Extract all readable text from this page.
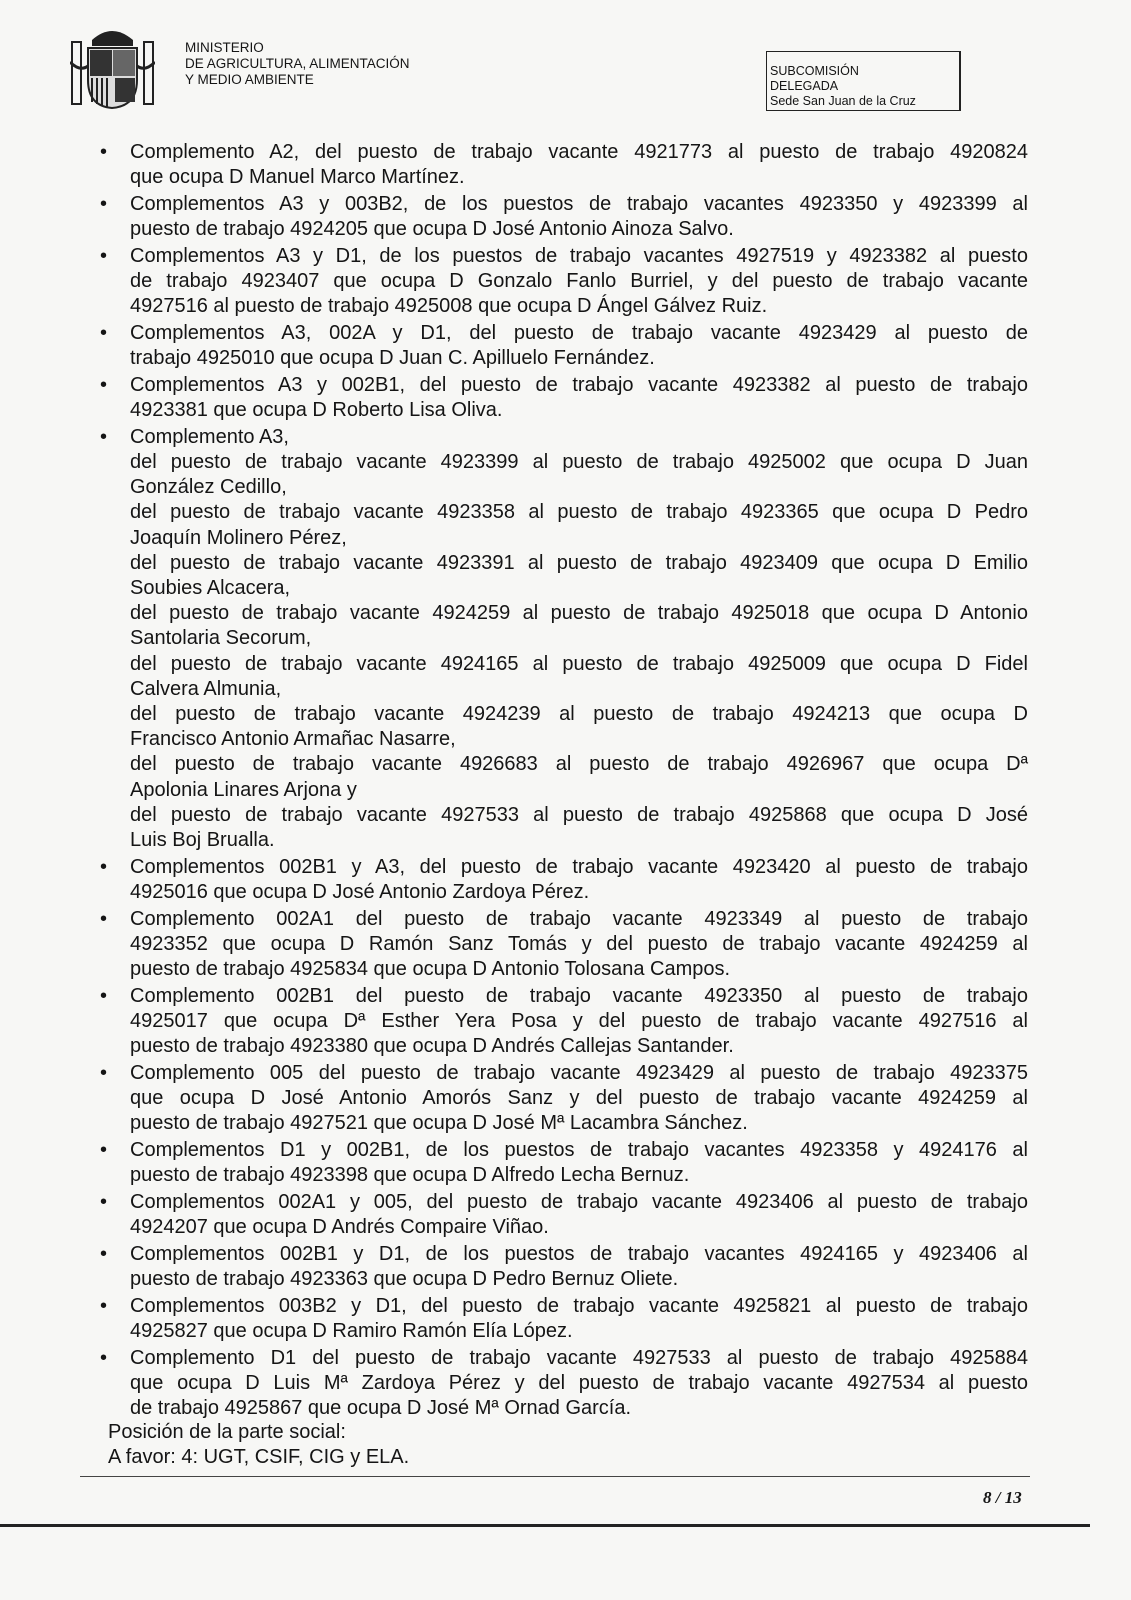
MINISTERIO
DE AGRICULTURA, ALIMENTACIÓN
Y MEDIO AMBIENTE
SUBCOMISIÓN
DELEGADA
Sede San Juan de la Cruz
• Complemento A2, del puesto de trabajo vacante 4921773 al puesto de trabajo 4920824
que ocupa D Manuel Marco Martínez.
• Complementos A3 y 003B2, de los puestos de trabajo vacantes 4923350 y 4923399 al
puesto de trabajo 4924205 que ocupa D José Antonio Ainoza Salvo.
• Complementos A3 y D1, de los puestos de trabajo vacantes 4927519 y 4923382 al puesto
de trabajo 4923407 que ocupa D Gonzalo Fanlo Burriel, y del puesto de trabajo vacante
4927516 al puesto de trabajo 4925008 que ocupa D Ángel Gálvez Ruiz.
• Complementos A3, 002A y D1, del puesto de trabajo vacante 4923429 al puesto de
trabajo 4925010 que ocupa D Juan C. Apilluelo Fernández.
• Complementos A3 y 002B1, del puesto de trabajo vacante 4923382 al puesto de trabajo
4923381 que ocupa D Roberto Lisa Oliva.
• Complemento A3,
del puesto de trabajo vacante 4923399 al puesto de trabajo 4925002 que ocupa D Juan
González Cedillo,
del puesto de trabajo vacante 4923358 al puesto de trabajo 4923365 que ocupa D Pedro
Joaquín Molinero Pérez,
del puesto de trabajo vacante 4923391 al puesto de trabajo 4923409 que ocupa D Emilio
Soubies Alcacera,
del puesto de trabajo vacante 4924259 al puesto de trabajo 4925018 que ocupa D Antonio
Santolaria Secorum,
del puesto de trabajo vacante 4924165 al puesto de trabajo 4925009 que ocupa D Fidel
Calvera Almunia,
del puesto de trabajo vacante 4924239 al puesto de trabajo 4924213 que ocupa D
Francisco Antonio Armañac Nasarre,
del puesto de trabajo vacante 4926683 al puesto de trabajo 4926967 que ocupa Dª
Apolonia Linares Arjona y
del puesto de trabajo vacante 4927533 al puesto de trabajo 4925868 que ocupa D José
Luis Boj Brualla.
• Complementos 002B1 y A3, del puesto de trabajo vacante 4923420 al puesto de trabajo
4925016 que ocupa D José Antonio Zardoya Pérez.
• Complemento 002A1 del puesto de trabajo vacante 4923349 al puesto de trabajo
4923352 que ocupa D Ramón Sanz Tomás y del puesto de trabajo vacante 4924259 al
puesto de trabajo 4925834 que ocupa D Antonio Tolosana Campos.
• Complemento 002B1 del puesto de trabajo vacante 4923350 al puesto de trabajo
4925017 que ocupa Dª Esther Yera Posa y del puesto de trabajo vacante 4927516 al
puesto de trabajo 4923380 que ocupa D Andrés Callejas Santander.
• Complemento 005 del puesto de trabajo vacante 4923429 al puesto de trabajo 4923375
que ocupa D José Antonio Amorós Sanz y del puesto de trabajo vacante 4924259 al
puesto de trabajo 4927521 que ocupa D José Mª Lacambra Sánchez.
• Complementos D1 y 002B1, de los puestos de trabajo vacantes 4923358 y 4924176 al
puesto de trabajo 4923398 que ocupa D Alfredo Lecha Bernuz.
• Complementos 002A1 y 005, del puesto de trabajo vacante 4923406 al puesto de trabajo
4924207 que ocupa D Andrés Compaire Viñao.
• Complementos 002B1 y D1, de los puestos de trabajo vacantes 4924165 y 4923406 al
puesto de trabajo 4923363 que ocupa D Pedro Bernuz Oliete.
• Complementos 003B2 y D1, del puesto de trabajo vacante 4925821 al puesto de trabajo
4925827 que ocupa D Ramiro Ramón Elía López.
• Complemento D1 del puesto de trabajo vacante 4927533 al puesto de trabajo 4925884
que ocupa D Luis Mª Zardoya Pérez y del puesto de trabajo vacante 4927534 al puesto
de trabajo 4925867 que ocupa D José Mª Ornad García.
Posición de la parte social:
A favor: 4: UGT, CSIF, CIG y ELA.
8 / 13
